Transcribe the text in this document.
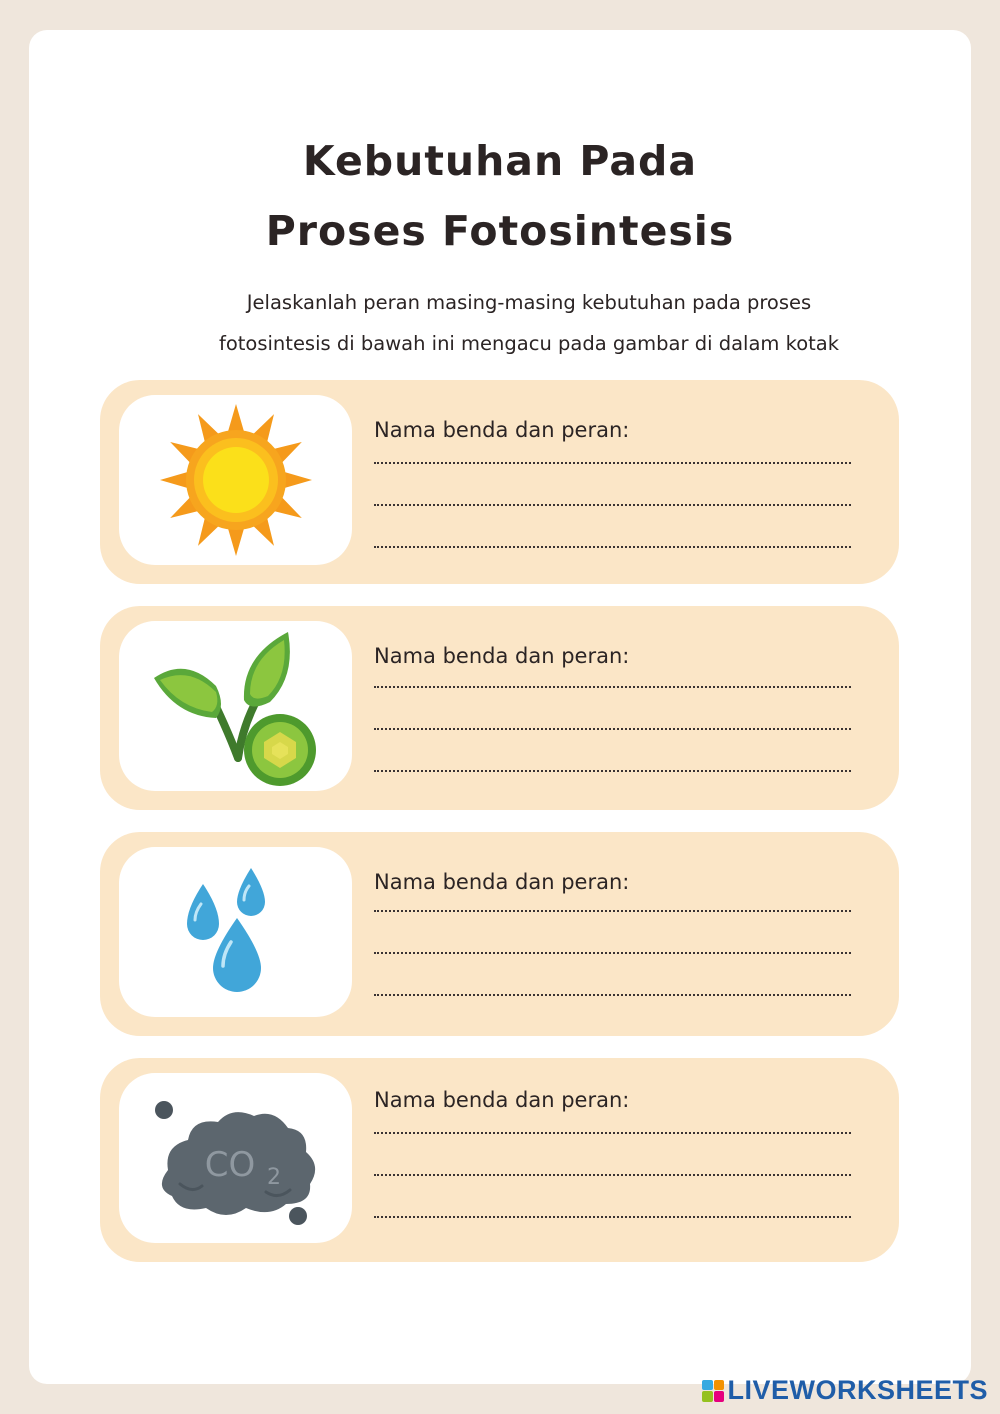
Kebutuhan Pada
Proses Fotosintesis
Jelaskanlah peran masing-masing kebutuhan pada proses
fotosintesis di bawah ini mengacu pada gambar di dalam kotak
Nama benda dan peran:
Nama benda dan peran:
Nama benda dan peran:
CO 2
Nama benda dan peran:
LIVEWORKSHEETS
